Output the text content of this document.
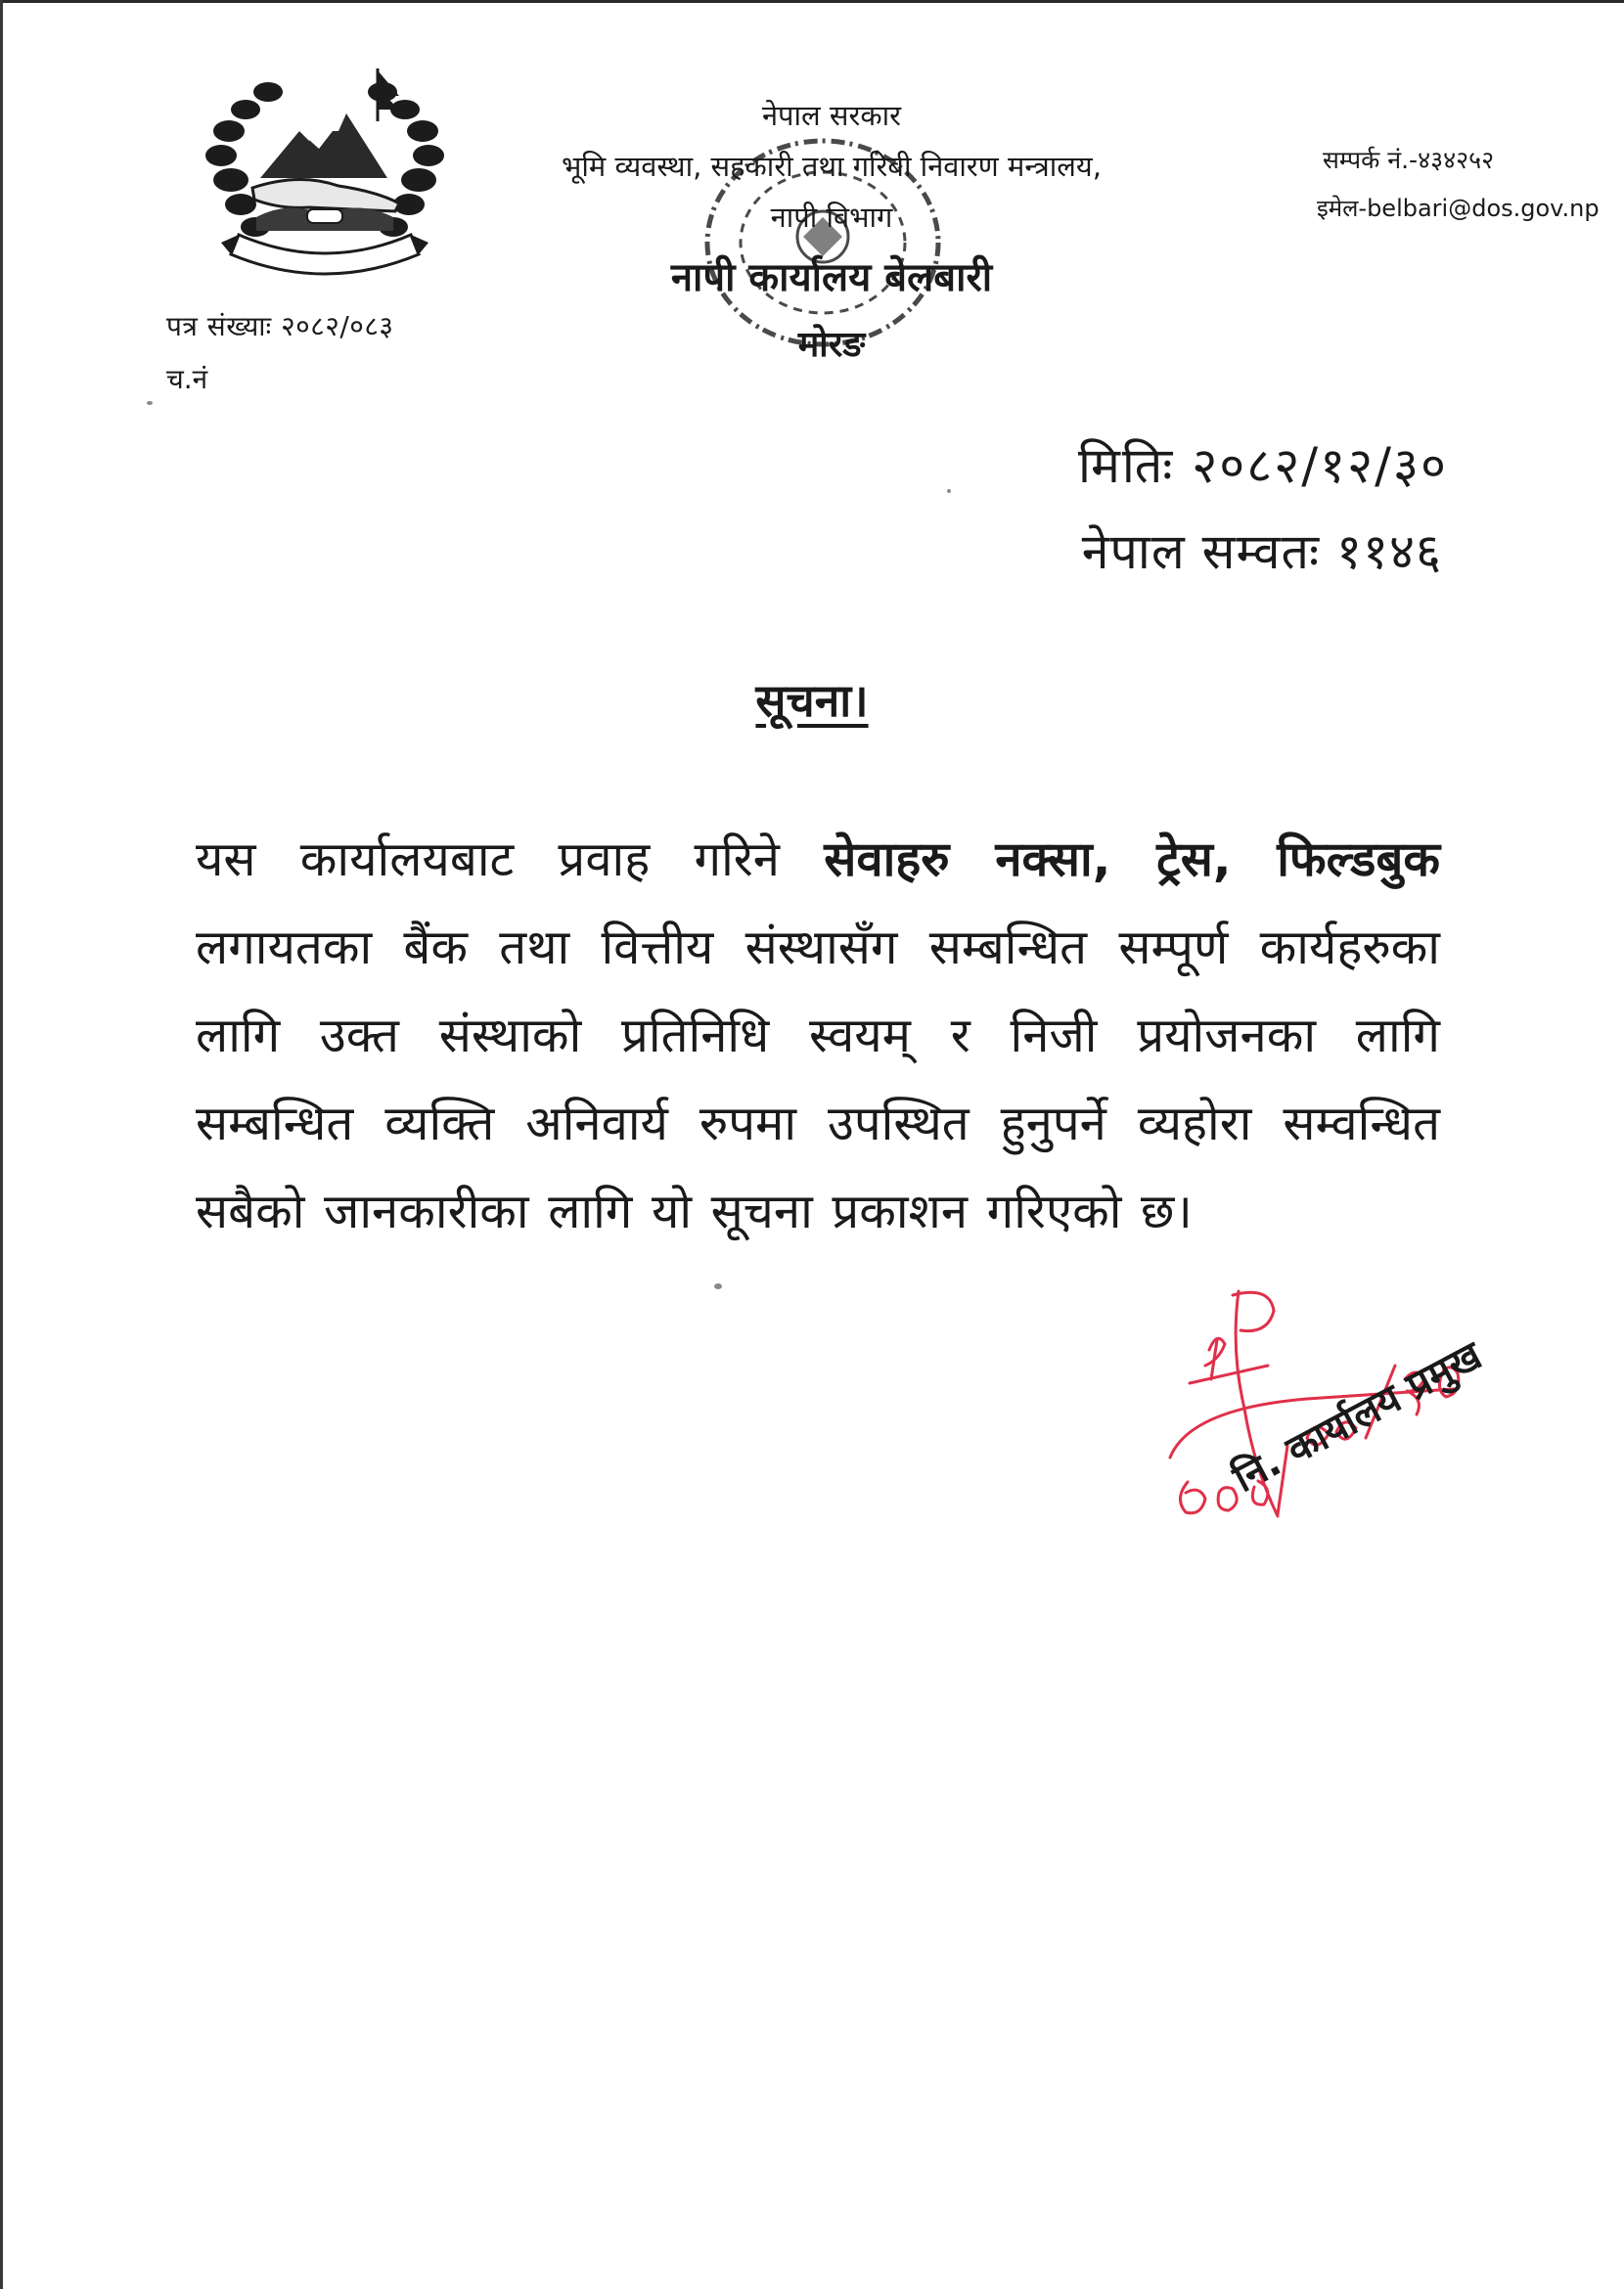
नेपाल सरकार
भूमि व्यवस्था, सहकारी तथा गरिबी निवारण मन्त्रालय,
नापी विभाग
नापी कार्यालय बेलबारी
मोरङ
सम्पर्क नं.-४३४२५२
इमेल-belbari@dos.gov.np
पत्र संख्याः २०८२/०८३
च.नं
मितिः २०८२/१२/३०
नेपाल सम्वतः ११४६
सूचना।
यस कार्यालयबाट प्रवाह गरिने सेवाहरु नक्सा, ट्रेस, फिल्डबुक लगायतका बैंक तथा वित्तीय संस्थासँग सम्बन्धित सम्पूर्ण कार्यहरुका लागि उक्त संस्थाको प्रतिनिधि स्वयम् र निजी प्रयोजनका लागि सम्बन्धित व्यक्ति अनिवार्य रुपमा उपस्थित हुनुपर्ने व्यहोरा सम्वन्धित सबैको जानकारीका लागि यो सूचना प्रकाशन गरिएको छ।
नि. कार्यालय प्रमुख
